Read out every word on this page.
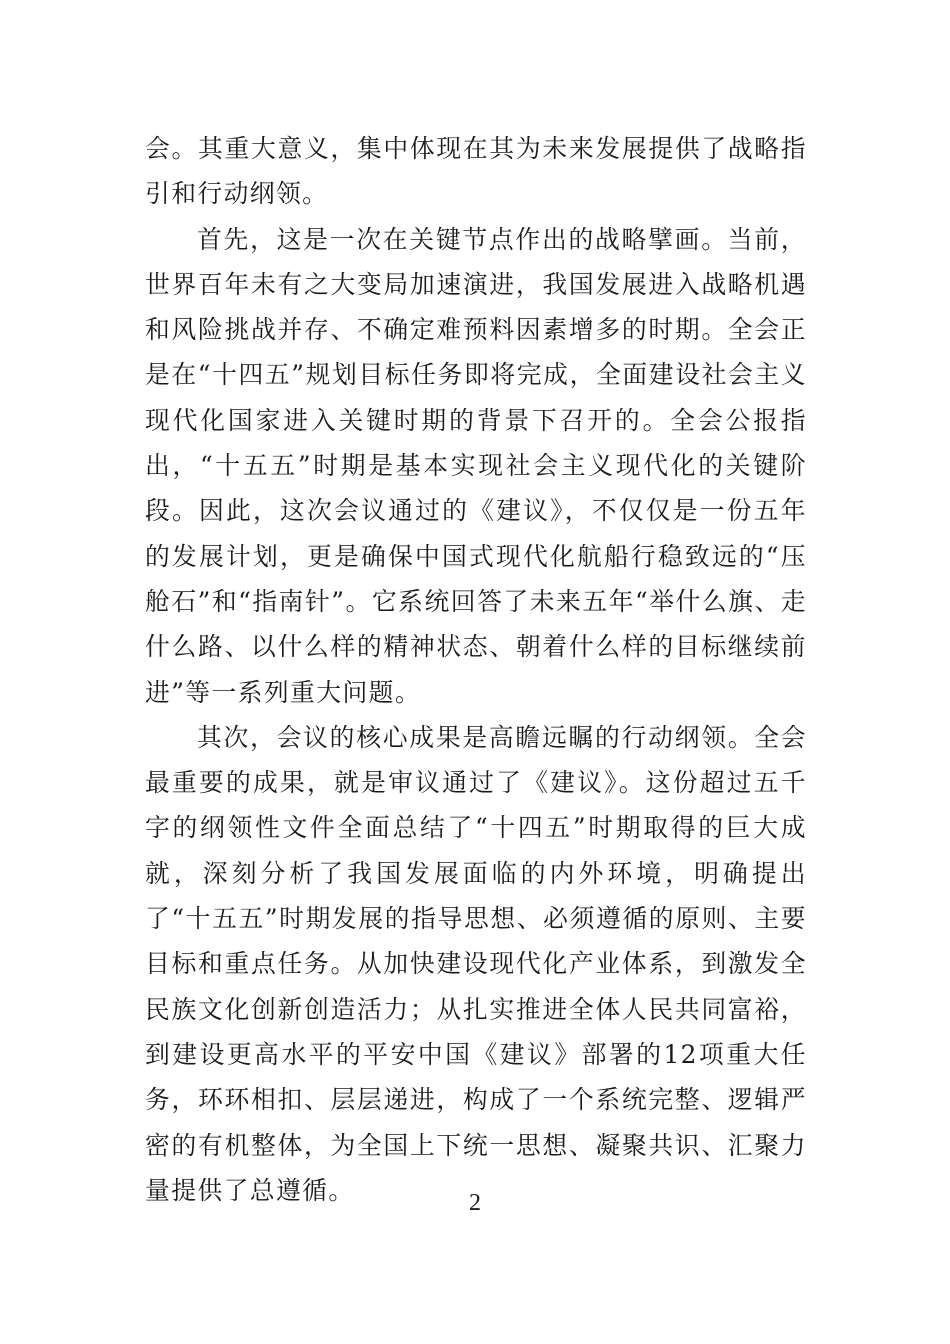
会。其重大意义，集中体现在其为未来发展提供了战略指引和行动纲领。

首先，这是一次在关键节点作出的战略擘画。当前，世界百年未有之大变局加速演进，我国发展进入战略机遇和风险挑战并存、不确定难预料因素增多的时期。全会正是在“十四五”规划目标任务即将完成，全面建设社会主义现代化国家进入关键时期的背景下召开的。全会公报指出，“十五五”时期是基本实现社会主义现代化的关键阶段。因此，这次会议通过的《建议》，不仅仅是一份五年的发展计划，更是确保中国式现代化航船行稳致远的“压舱石”和“指南针”。它系统回答了未来五年“举什么旗、走什么路、以什么样的精神状态、朝着什么样的目标继续前进”等一系列重大问题。

其次，会议的核心成果是高瞻远瞩的行动纲领。全会最重要的成果，就是审议通过了《建议》。这份超过五千字的纲领性文件全面总结了“十四五”时期取得的巨大成就，深刻分析了我国发展面临的内外环境，明确提出了“十五五”时期发展的指导思想、必须遵循的原则、主要目标和重点任务。从加快建设现代化产业体系，到激发全民族文化创新创造活力；从扎实推进全体人民共同富裕，到建设更高水平的平安中国《建议》部署的12项重大任务，环环相扣、层层递进，构成了一个系统完整、逻辑严密的有机整体，为全国上下统一思想、凝聚共识、汇聚力量提供了总遵循。	2
